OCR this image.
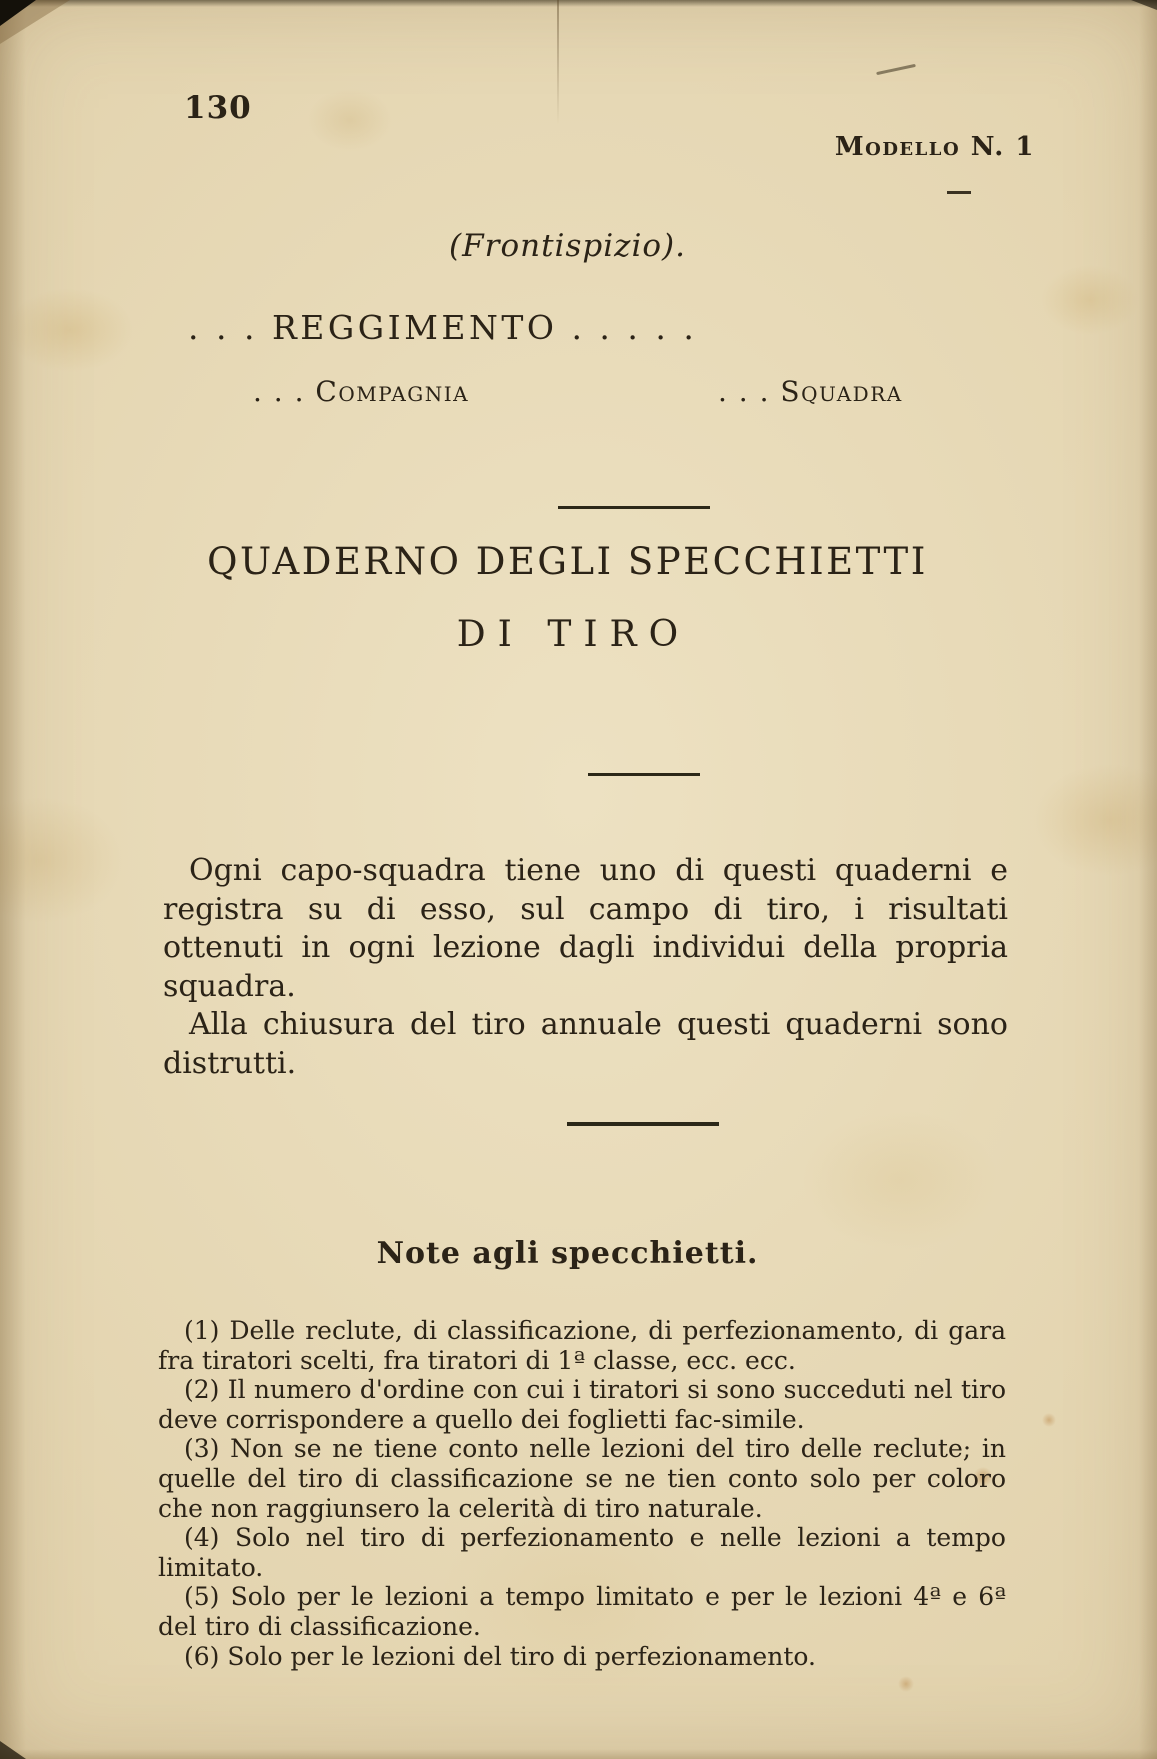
130
Modello N. 1
(Frontispizio).
. . . REGGIMENTO . . . . .
. . . Compagnia	. . . Squadra
QUADERNO DEGLI SPECCHIETTI
DI TIRO

Ogni capo-squadra tiene uno di questi quaderni e registra su di esso, sul campo di tiro, i risultati ottenuti in ogni lezione dagli individui della propria squadra.

Alla chiusura del tiro annuale questi quaderni sono distrutti.

Note agli specchietti.

(1) Delle reclute, di classificazione, di perfezionamento, di gara fra tiratori scelti, fra tiratori di 1ª classe, ecc. ecc.

(2) Il numero d'ordine con cui i tiratori si sono succeduti nel tiro deve corrispondere a quello dei foglietti fac-simile.

(3) Non se ne tiene conto nelle lezioni del tiro delle reclute; in quelle del tiro di classificazione se ne tien conto solo per coloro che non raggiunsero la celerità di tiro naturale.

(4) Solo nel tiro di perfezionamento e nelle lezioni a tempo limitato.

(5) Solo per le lezioni a tempo limitato e per le lezioni 4ª e 6ª del tiro di classificazione.

(6) Solo per le lezioni del tiro di perfezionamento.
